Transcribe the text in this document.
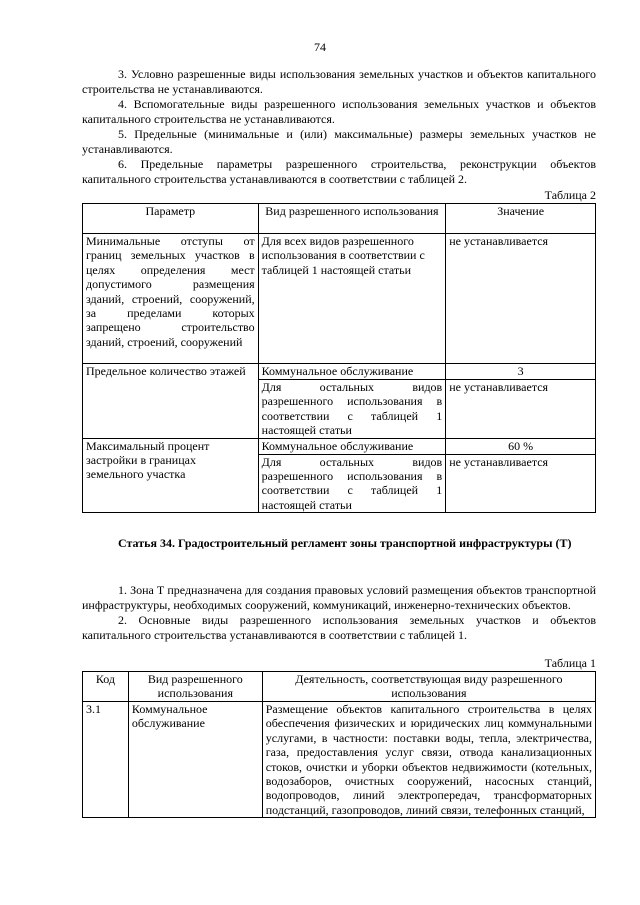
74

3. Условно разрешенные виды использования земельных участков и объектов капитального строительства не устанавливаются.

4. Вспомогательные виды разрешенного использования земельных участков и объектов капитального строительства не устанавливаются.

5. Предельные (минимальные и (или) максимальные) размеры земельных участков не устанавливаются.

6. Предельные параметры разрешенного строительства, реконструкции объектов капитального строительства устанавливаются в соответствии с таблицей 2.

Таблица 2
Параметр	Вид разрешенного использования	Значение
Минимальные отступы от границ земельных участков в целях определения мест допустимого размещения зданий, строений, сооружений, за пределами которых запрещено строительство зданий, строений, сооружений	Для всех видов разрешенного использования в соответствии с таблицей 1 настоящей статьи	не устанавливается
Предельное количество этажей	Коммунальное обслуживание	3
	Для остальных видов разрешенного использования в соответствии с таблицей 1 настоящей статьи	не устанавливается
Максимальный процент застройки в границах земельного участка	Коммунальное обслуживание	60 %
	Для остальных видов разрешенного использования в соответствии с таблицей 1 настоящей статьи	не устанавливается
Статья 34. Градостроительный регламент зоны транспортной инфраструктуры (Т)

1. Зона Т предназначена для создания правовых условий размещения объектов транспортной инфраструктуры, необходимых сооружений, коммуникаций, инженерно-технических объектов.

2. Основные виды разрешенного использования земельных участков и объектов капитального строительства устанавливаются в соответствии с таблицей 1.

Таблица 1
Код	Вид разрешенного использования	Деятельность, соответствующая виду разрешенного использования
3.1	Коммунальное обслуживание	Размещение объектов капитального строительства в целях обеспечения физических и юридических лиц коммунальными услугами, в частности: поставки воды, тепла, электричества, газа, предоставления услуг связи, отвода канализационных стоков, очистки и уборки объектов недвижимости (котельных, водозаборов, очистных сооружений, насосных станций, водопроводов, линий электропередач, трансформаторных подстанций, газопроводов, линий связи, телефонных станций,
